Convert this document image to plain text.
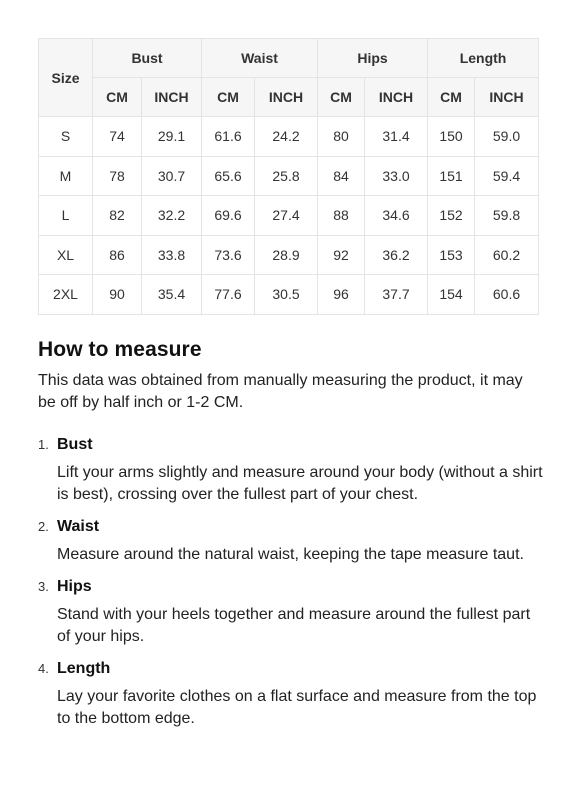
Size	Bust		Waist		Hips		Length	
	CM	INCH	CM	INCH	CM	INCH	CM	INCH
S	74	29.1	61.6	24.2	80	31.4	150	59.0
M	78	30.7	65.6	25.8	84	33.0	151	59.4
L	82	32.2	69.6	27.4	88	34.6	152	59.8
XL	86	33.8	73.6	28.9	92	36.2	153	60.2
2XL	90	35.4	77.6	30.5	96	37.7	154	60.6
How to measure

This data was obtained from manually measuring the product, it may be off by half inch or 1-2 CM.

1. Bust
Lift your arms slightly and measure around your body (without a shirt is best), crossing over the fullest part of your chest.
2. Waist
Measure around the natural waist, keeping the tape measure taut.
3. Hips
Stand with your heels together and measure around the fullest part of your hips.
4. Length
Lay your favorite clothes on a flat surface and measure from the top to the bottom edge.
